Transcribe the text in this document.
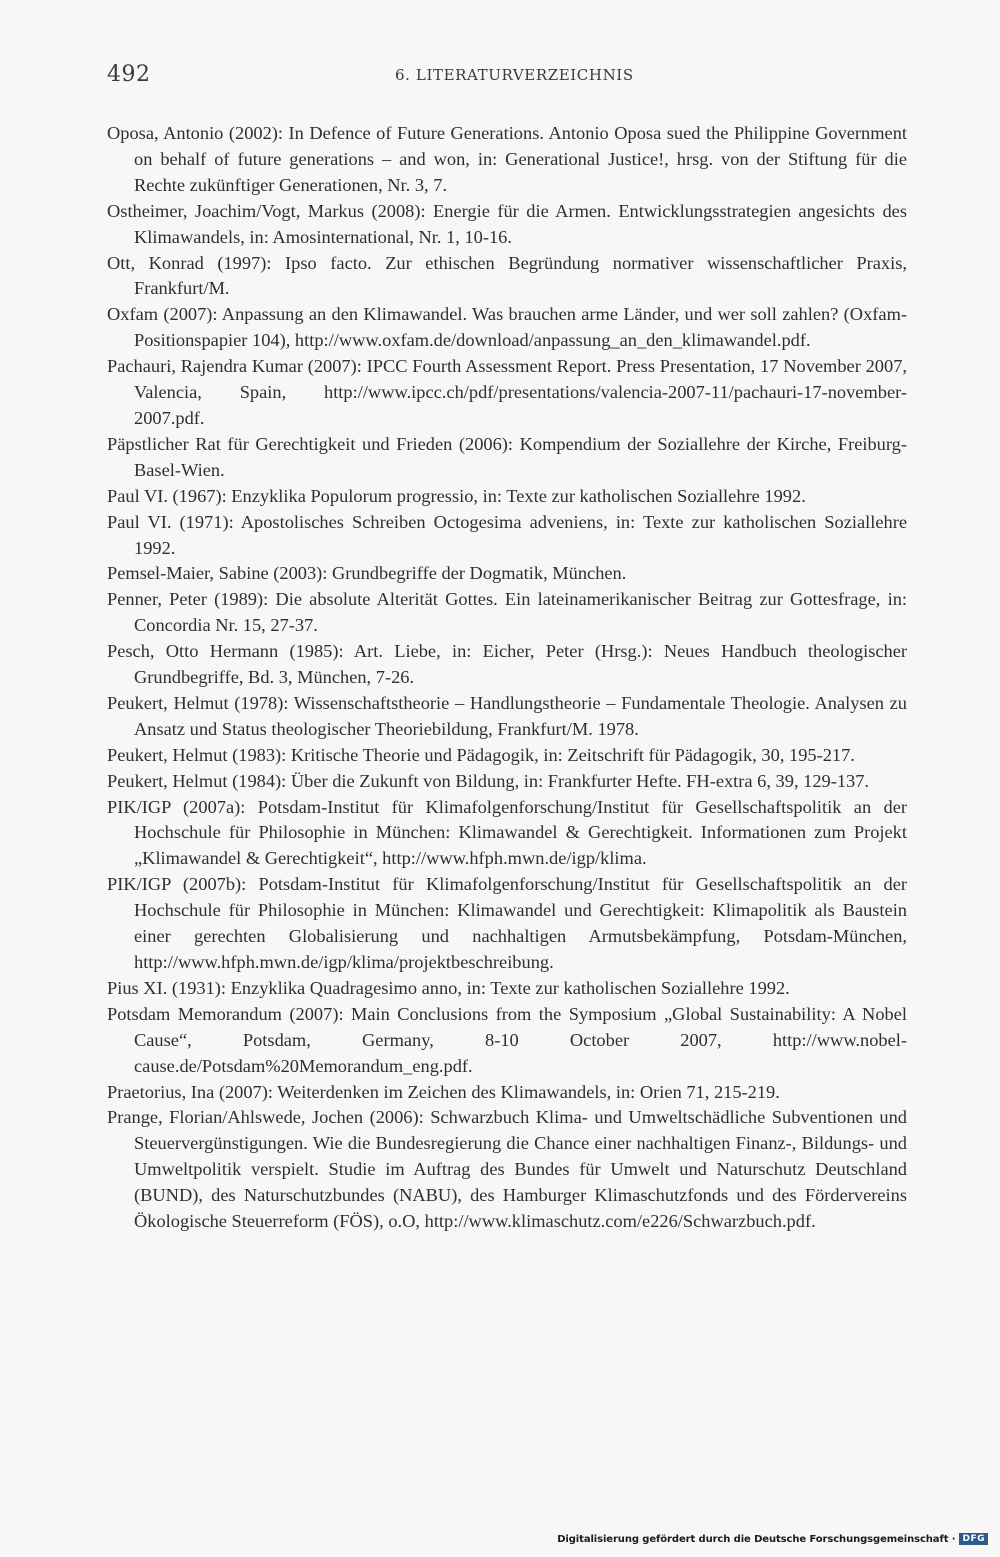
492	6. LITERATURVERZEICHNIS
Oposa, Antonio (2002): In Defence of Future Generations. Antonio Oposa sued the Philippine Government on behalf of future generations – and won, in: Generational Justice!, hrsg. von der Stiftung für die Rechte zukünftiger Generationen, Nr. 3, 7.
Ostheimer, Joachim/Vogt, Markus (2008): Energie für die Armen. Entwicklungsstrategien angesichts des Klimawandels, in: Amosinternational, Nr. 1, 10-16.
Ott, Konrad (1997): Ipso facto. Zur ethischen Begründung normativer wissenschaftlicher Praxis, Frankfurt/M.
Oxfam (2007): Anpassung an den Klimawandel. Was brauchen arme Länder, und wer soll zahlen? (Oxfam-Positionspapier 104), http://www.oxfam.de/download/anpassung_an_​den_klimawandel.pdf.
Pachauri, Rajendra Kumar (2007): IPCC Fourth Assessment Report. Press Presentation, 17 November 2007, Valencia, Spain, http://www.ipcc.ch/pdf/presentations/valencia-2007-11/​pachauri-17-november-2007.pdf.
Päpstlicher Rat für Gerechtigkeit und Frieden (2006): Kompendium der Soziallehre der Kirche, Freiburg-Basel-Wien.
Paul VI. (1967): Enzyklika Populorum progressio, in: Texte zur katholischen Soziallehre 1992.
Paul VI. (1971): Apostolisches Schreiben Octogesima adveniens, in: Texte zur katholischen Soziallehre 1992.
Pemsel-Maier, Sabine (2003): Grundbegriffe der Dogmatik, München.
Penner, Peter (1989): Die absolute Alterität Gottes. Ein lateinamerikanischer Beitrag zur Gottesfrage, in: Concordia Nr. 15, 27-37.
Pesch, Otto Hermann (1985): Art. Liebe, in: Eicher, Peter (Hrsg.): Neues Handbuch theologischer Grundbegriffe, Bd. 3, München, 7-26.
Peukert, Helmut (1978): Wissenschaftstheorie – Handlungstheorie – Fundamentale Theologie. Analysen zu Ansatz und Status theologischer Theoriebildung, Frankfurt/M. 1978.
Peukert, Helmut (1983): Kritische Theorie und Pädagogik, in: Zeitschrift für Pädagogik, 30, 195-217.
Peukert, Helmut (1984): Über die Zukunft von Bildung, in: Frankfurter Hefte. FH-extra 6, 39, 129-137.
PIK/IGP (2007a): Potsdam-Institut für Klimafolgenforschung/Institut für Gesellschaftspolitik an der Hochschule für Philosophie in München: Klimawandel & Gerechtigkeit. Informationen zum Projekt „Klimawandel & Gerechtigkeit“, http://www.hfph.mwn.de/​igp/klima.
PIK/IGP (2007b): Potsdam-Institut für Klimafolgenforschung/Institut für Gesellschaftspolitik an der Hochschule für Philosophie in München: Klimawandel und Gerechtigkeit: Klimapolitik als Baustein einer gerechten Globalisierung und nachhaltigen Armutsbekämpfung, Potsdam-München, http://www.hfph.mwn.de/igp/klima/projektbeschreibung.
Pius XI. (1931): Enzyklika Quadragesimo anno, in: Texte zur katholischen Soziallehre 1992.
Potsdam Memorandum (2007): Main Conclusions from the Symposium „Global Sustainability: A Nobel Cause“, Potsdam, Germany, 8-10 October 2007, http://www.​nobel-cause.de/Potsdam%20Memorandum_eng.pdf.
Praetorius, Ina (2007): Weiterdenken im Zeichen des Klimawandels, in: Orien 71, 215-219.
Prange, Florian/Ahlswede, Jochen (2006): Schwarzbuch Klima- und Umweltschädliche Subventionen und Steuervergünstigungen. Wie die Bundesregierung die Chance einer nachhaltigen Finanz-, Bildungs- und Umweltpolitik verspielt. Studie im Auftrag des Bundes für Umwelt und Naturschutz Deutschland (BUND), des Naturschutzbundes (NABU), des Hamburger Klimaschutzfonds und des Fördervereins Ökologische Steuerreform (FÖS), o.O, http://www.klimaschutz.com/e226/Schwarzbuch.pdf.
Digitalisierung gefördert durch die Deutsche Forschungsgemeinschaft · DFG
